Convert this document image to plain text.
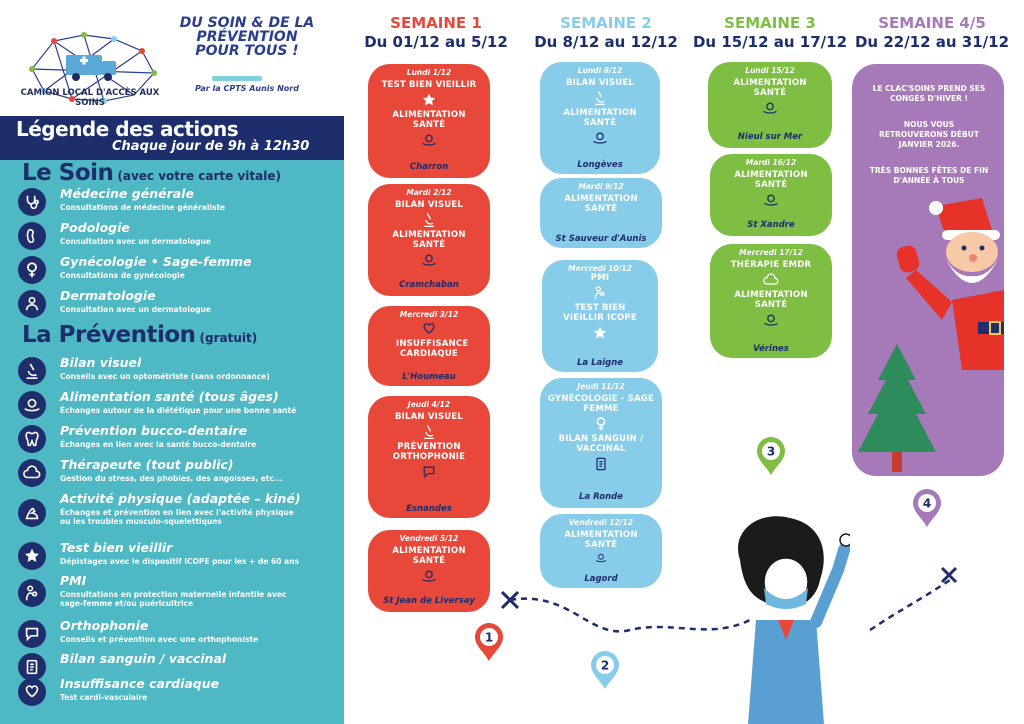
CAMION LOCAL D'ACCÈS AUX SOINS
DU SOIN & DE LA PRÉVENTION POUR TOUS !
Par la CPTS Aunis Nord
Légende des actions
Chaque jour de 9h à 12h30
Le Soin (avec votre carte vitale)
Médecine générale
Consultations de médecine généraliste
Podologie
Consultation avec un dermatologue
Gynécologie • Sage-femme
Consultations de gynécologie
Dermatologie
Consultation avec un dermatologue
La Prévention (gratuit)
Bilan visuel
Conseils avec un optométriste (sans ordonnance)
Alimentation santé (tous âges)
Échanges autour de la diététique pour une bonne santé
Prévention bucco-dentaire
Échanges en lien avec la santé bucco-dentaire
Thérapeute (tout public)
Gestion du stress, des phobies, des angoisses, etc...
Activité physique (adaptée – kiné)
Échanges et prévention en lien avec l'activité physique
ou les troubles musculo-squelettiques
Test bien vieillir
Dépistages avec le dispositif ICOPE pour les + de 60 ans
PMI
Consultations en protection maternelle infantile avec
sage-femme et/ou puéricultrice
Orthophonie
Conseils et prévention avec une orthophoniste
Bilan sanguin / vaccinal
Insuffisance cardiaque
Test cardi-vasculaire
SEMAINE 1
Du 01/12 au 5/12
SEMAINE 2
Du 8/12 au 12/12
SEMAINE 3
Du 15/12 au 17/12
SEMAINE 4/5
Du 22/12 au 31/12
Lundi 1/12
TEST BIEN VIEILLIR
ALIMENTATION SANTÉ
Charron
Mardi 2/12
BILAN VISUEL
ALIMENTATION SANTÉ
Cramchaban
Mercredi 3/12
INSUFFISANCE CARDIAQUE
L'Houmeau
Jeudi 4/12
BILAN VISUEL
PRÉVENTION ORTHOPHONIE
Esnandes
Vendredi 5/12
ALIMENTATION SANTÉ
St Jean de Liversay
Lundi 8/12
BILAN VISUEL
ALIMENTATION SANTÉ
Longèves
Mardi 9/12
ALIMENTATION SANTÉ
St Sauveur d'Aunis
Mercredi 10/12
PMI
TEST BIEN VIEILLIR ICOPE
La Laigne
Jeudi 11/12
GYNÉCOLOGIE - SAGE FEMME
BILAN SANGUIN / VACCINAL
La Ronde
Vendredi 12/12
ALIMENTATION SANTÉ
Lagord
Lundi 15/12
ALIMENTATION SANTÉ
Nieul sur Mer
Mardi 16/12
ALIMENTATION SANTÉ
St Xandre
Mercredi 17/12
THÉRAPIE EMDR
ALIMENTATION SANTÉ
Vérines
LE CLAC'SOINS PREND SES CONGÉS D'HIVER !
NOUS VOUS RETROUVERONS DÉBUT JANVIER 2026.
TRÈS BONNES FÊTES DE FIN D'ANNÉE À TOUS
1
2
3
4
